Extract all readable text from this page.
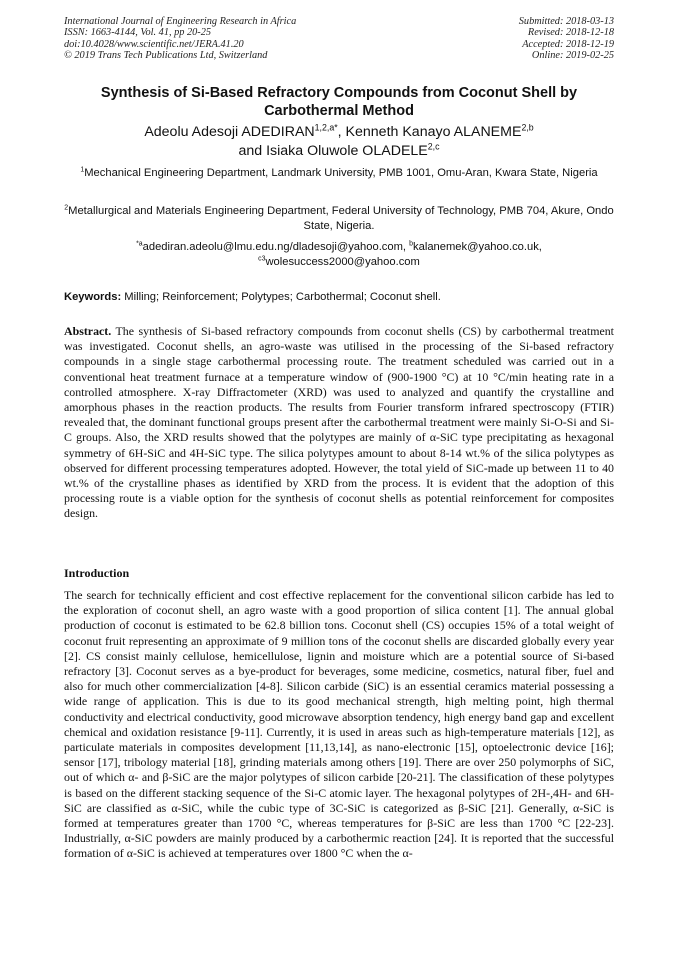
International Journal of Engineering Research in Africa
ISSN: 1663-4144, Vol. 41, pp 20-25
doi:10.4028/www.scientific.net/JERA.41.20
© 2019 Trans Tech Publications Ltd, Switzerland
Submitted: 2018-03-13
Revised: 2018-12-18
Accepted: 2018-12-19
Online: 2019-02-25
Synthesis of Si-Based Refractory Compounds from Coconut Shell by Carbothermal Method
Adeolu Adesoji $ADEDIRAN^{1,2,a*}$, Kenneth Kanayo ALANEME$^{2,b}$
and Isiaka Oluwole OLADELE$^{2,c}$
$^1$Mechanical Engineering Department, Landmark University, PMB 1001, Omu-Aran, Kwara State, Nigeria
$^2$Metallurgical and Materials Engineering Department, Federal University of Technology, PMB 704, Akure, Ondo State, Nigeria.
$^{*a}$adediran.adeolu@lmu.edu.ng/dladesoji@yahoo.com, $^b$kalanemek@yahoo.co.uk,
$^{c3}$wolesuccess2000@yahoo.com
Keywords: Milling; Reinforcement; Polytypes; Carbothermal; Coconut shell.
Abstract. The synthesis of Si-based refractory compounds from coconut shells (CS) by carbothermal treatment was investigated. Coconut shells, an agro-waste was utilised in the processing of the Si-based refractory compounds in a single stage carbothermal processing route. The treatment scheduled was carried out in a conventional heat treatment furnace at a temperature window of (900-1900 °C) at 10 °C/min heating rate in a controlled atmosphere. X-ray Diffractometer (XRD) was used to analyzed and quantify the crystalline and amorphous phases in the reaction products. The results from Fourier transform infrared spectroscopy (FTIR) revealed that, the dominant functional groups present after the carbothermal treatment were mainly Si-O-Si and Si-C groups. Also, the XRD results showed that the polytypes are mainly of α-SiC type precipitating as hexagonal symmetry of 6H-SiC and 4H-SiC type. The silica polytypes amount to about 8-14 wt.% of the silica polytypes as observed for different processing temperatures adopted. However, the total yield of SiC-made up between 11 to 40 wt.% of the crystalline phases as identified by XRD from the process. It is evident that the adoption of this processing route is a viable option for the synthesis of coconut shells as potential reinforcement for composites design.
Introduction
The search for technically efficient and cost effective replacement for the conventional silicon carbide has led to the exploration of coconut shell, an agro waste with a good proportion of silica content [1]. The annual global production of coconut is estimated to be 62.8 billion tons. Coconut shell (CS) occupies 15% of a total weight of coconut fruit representing an approximate of 9 million tons of the coconut shells are discarded globally every year [2]. CS consist mainly cellulose, hemicellulose, lignin and moisture which are a potential source of Si-based refractory [3]. Coconut serves as a bye-product for beverages, some medicine, cosmetics, natural fiber, fuel and also for much other commercialization [4-8]. Silicon carbide (SiC) is an essential ceramics material possessing a wide range of application. This is due to its good mechanical strength, high melting point, high thermal conductivity and electrical conductivity, good microwave absorption tendency, high energy band gap and excellent chemical and oxidation resistance [9-11]. Currently, it is used in areas such as high-temperature materials [12], as particulate materials in composites development [11,13,14], as nano-electronic [15], optoelectronic device [16]; sensor [17], tribology material [18], grinding materials among others [19]. There are over 250 polymorphs of SiC, out of which α- and β-SiC are the major polytypes of silicon carbide [20-21]. The classification of these polytypes is based on the different stacking sequence of the Si-C atomic layer. The hexagonal polytypes of 2H-,4H- and 6H-SiC are classified as α-SiC, while the cubic type of 3C-SiC is categorized as β-SiC [21]. Generally, α-SiC is formed at temperatures greater than 1700 °C, whereas temperatures for β-SiC are less than 1700 °C [22-23]. Industrially, α-SiC powders are mainly produced by a carbothermic reaction [24]. It is reported that the successful formation of α-SiC is achieved at temperatures over 1800 °C when the α-
